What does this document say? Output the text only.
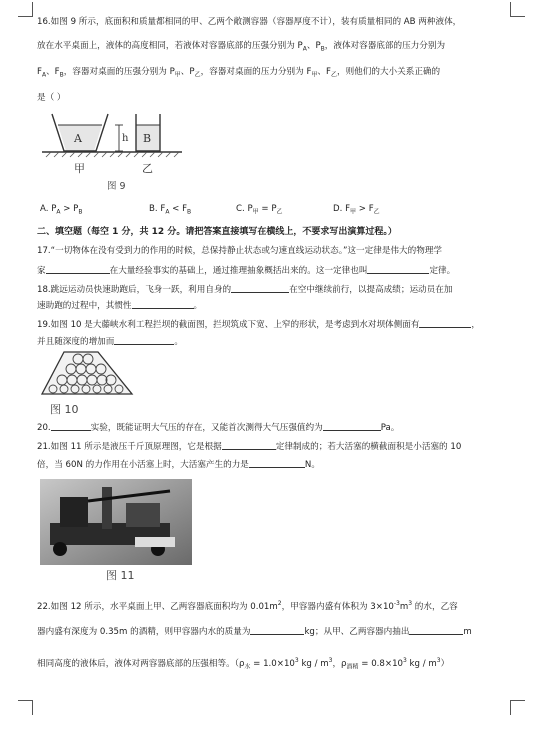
16.如图 9 所示，底面积和质量都相同的甲、乙两个敞测容器（容器厚度不计），装有质量相同的 AB 两种液体，
放在水平桌面上，液体的高度相同，若液体对容器底部的压强分别为 $P_A$、$P_B$，液体对容器底部的压力分别为
$F_A$、$F_B$，容器对桌面的压强分别为 $P_甲$、$P_乙$，容器对桌面的压力分别为 $F_甲$、$F_乙$，则他们的大小关系正确的
是（ ）
A	h B
甲	乙
图 9
A. $P_A > P_B$	B. $F_A < F_B$	C. $P_甲 = P_乙$	D. $F_甲 > F_乙$
二、填空题（每空 1 分，共 12 分。请把答案直接填写在横线上，不要求写出演算过程。）
17.“一切物体在没有受到力的作用的时候，总保持静止状态或匀速直线运动状态。”这一定律是伟大的物理学
家	在大量经验事实的基础上，通过推理抽象概括出来的。这一定律也叫	定律。
18.跳远运动员快速助跑后，飞身一跃，利用自身的	在空中继续前行，以提高成绩；运动员在加
速助跑的过程中，其惯性	。
19.如图 10 是大藤峡水利工程拦坝的截面图，拦坝筑成下宽、上窄的形状，是考虑到水对坝体侧面有	，
并且随深度的增加而	。
图 10
20.	实验，既能证明大气压的存在，又能首次测得大气压强值约为	Pa。
21.如图 11 所示是液压千斤顶原理图，它是根据	定律制成的；若大活塞的横截面积是小活塞的 10
倍，当 60N 的力作用在小活塞上时，大活塞产生的力是	N。
图 11
22.如图 12 所示，水平桌面上甲、乙两容器底面积均为 $0.01m^2$，甲容器内盛有体积为 $3\times 10^{-3}m^3$ 的水，乙容
器内盛有深度为 0.35m 的酒精，则甲容器内水的质量为	kg；从甲、乙两容器内抽出	m
相同高度的液体后，液体对两容器底部的压强相等。（$\rho_水 = 1.0\times 10^3$ kg / $m^3$，$\rho_{酒精} = 0.8\times 10^3$ kg / $m^3$）
